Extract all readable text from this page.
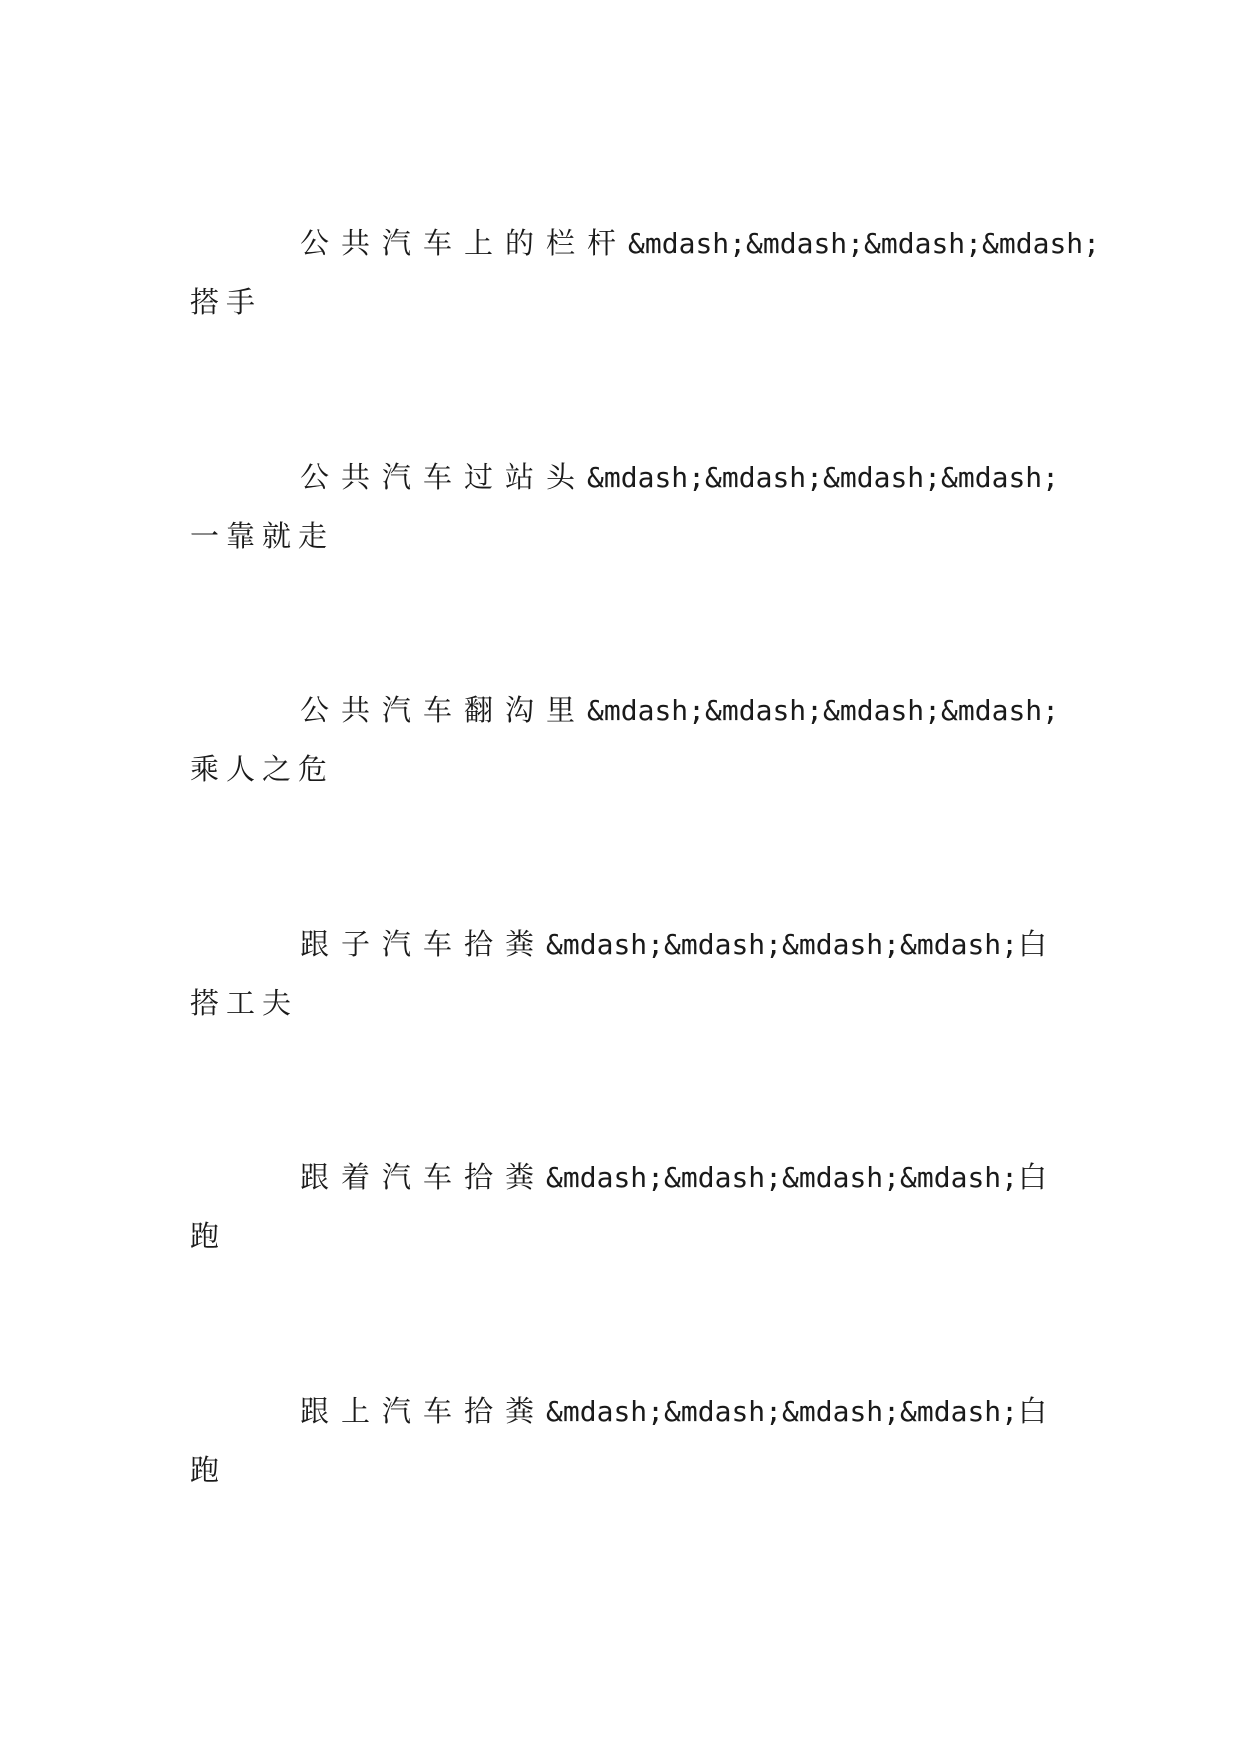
公共汽车上的栏杆 &mdash;&mdash;&mdash;&mdash;
搭手
公共汽车过站头 &mdash;&mdash;&mdash;&mdash;
一靠就走
公共汽车翻沟里 &mdash;&mdash;&mdash;&mdash;
乘人之危
跟子汽车拾粪 &mdash;&mdash;&mdash;&mdash; 白
搭工夫
跟着汽车拾粪 &mdash;&mdash;&mdash;&mdash; 白
跑
跟上汽车拾粪 &mdash;&mdash;&mdash;&mdash; 白
跑
